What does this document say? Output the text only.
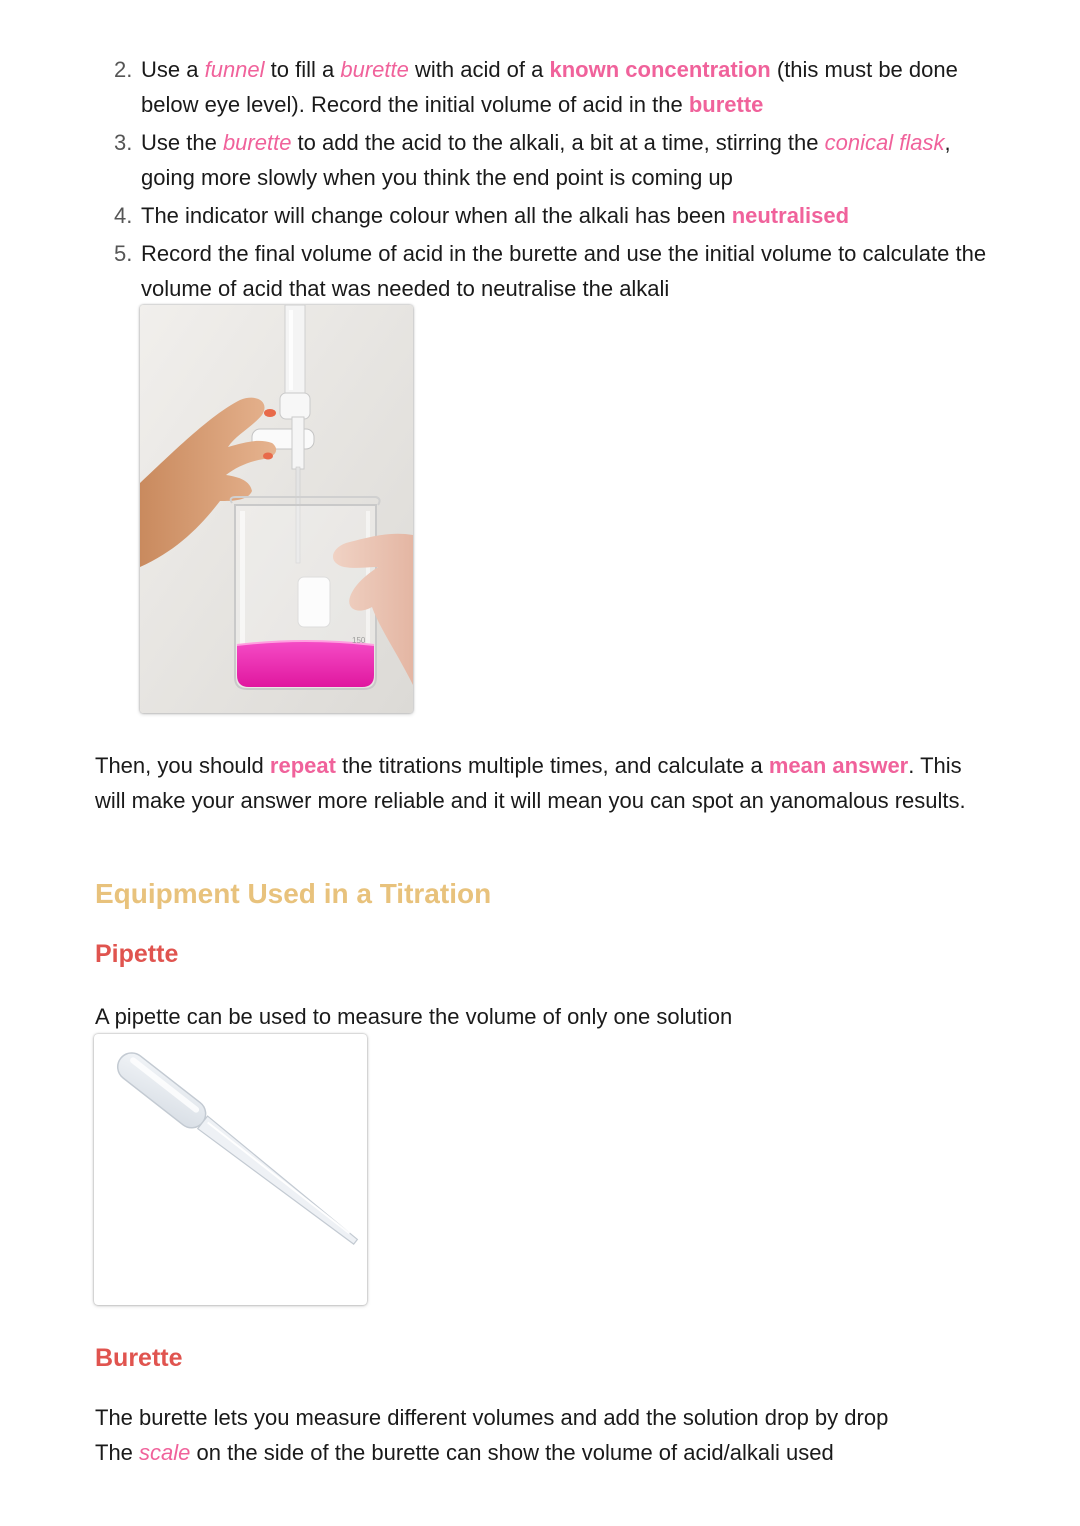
2. Use a funnel to fill a burette with acid of a known concentration (this must be done below eye level). Record the initial volume of acid in the burette
3. Use the burette to add the acid to the alkali, a bit at a time, stirring the conical flask, going more slowly when you think the end point is coming up
4. The indicator will change colour when all the alkali has been neutralised
5. Record the final volume of acid in the burette and use the initial volume to calculate the volume of acid that was needed to neutralise the alkali
150
Then, you should repeat the titrations multiple times, and calculate a mean answer. This will make your answer more reliable and it will mean you can spot an yanomalous results.
Equipment Used in a Titration
Pipette
A pipette can be used to measure the volume of only one solution
Burette
The burette lets you measure different volumes and add the solution drop by drop
The scale on the side of the burette can show the volume of acid/alkali used
